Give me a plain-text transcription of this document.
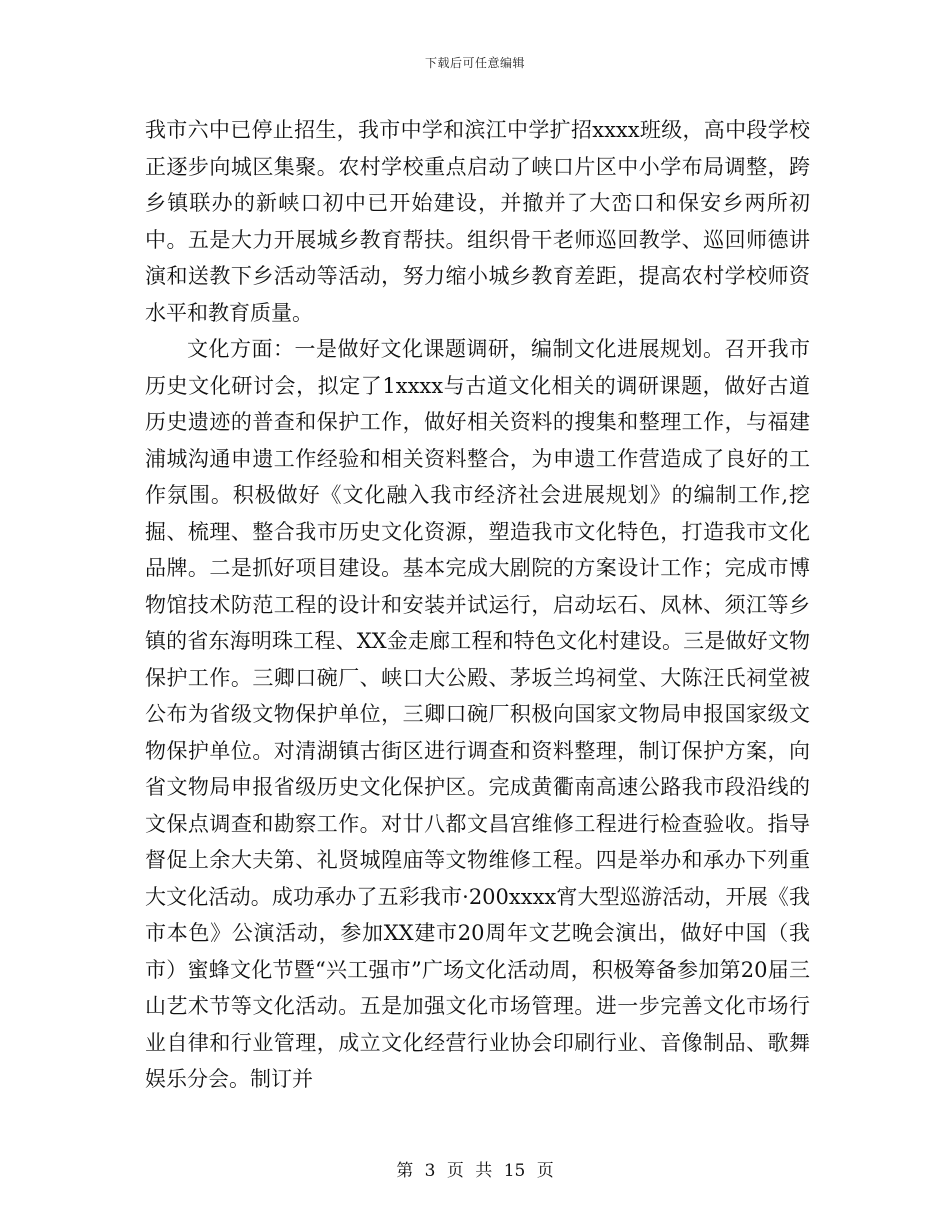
下载后可任意编辑

我市六中已停止招生，我市中学和滨江中学扩招xxxx班级，高中段学校正逐步向城区集聚。农村学校重点启动了峡口片区中小学布局调整，跨乡镇联办的新峡口初中已开始建设，并撤并了大峦口和保安乡两所初中。五是大力开展城乡教育帮扶。组织骨干老师巡回教学、巡回师德讲演和送教下乡活动等活动，努力缩小城乡教育差距，提高农村学校师资水平和教育质量。

文化方面：一是做好文化课题调研，编制文化进展规划。召开我市历史文化研讨会，拟定了1xxxx与古道文化相关的调研课题，做好古道历史遗迹的普查和保护工作，做好相关资料的搜集和整理工作，与福建浦城沟通申遗工作经验和相关资料整合，为申遗工作营造成了良好的工作氛围。积极做好《文化融入我市经济社会进展规划》的编制工作,挖掘、梳理、整合我市历史文化资源，塑造我市文化特色，打造我市文化品牌。二是抓好项目建设。基本完成大剧院的方案设计工作；完成市博物馆技术防范工程的设计和安装并试运行，启动坛石、凤林、须江等乡镇的省东海明珠工程、XX金走廊工程和特色文化村建设。三是做好文物保护工作。三卿口碗厂、峡口大公殿、茅坂兰坞祠堂、大陈汪氏祠堂被公布为省级文物保护单位，三卿口碗厂积极向国家文物局申报国家级文物保护单位。对清湖镇古街区进行调查和资料整理，制订保护方案，向省文物局申报省级历史文化保护区。完成黄衢南高速公路我市段沿线的文保点调查和勘察工作。对廿八都文昌宫维修工程进行检查验收。指导督促上余大夫第、礼贤城隍庙等文物维修工程。四是举办和承办下列重大文化活动。成功承办了五彩我市·200xxxx宵大型巡游活动，开展《我市本色》公演活动，参加XX建市20周年文艺晚会演出，做好中国（我市）蜜蜂文化节暨“兴工强市”广场文化活动周，积极筹备参加第20届三山艺术节等文化活动。五是加强文化市场管理。进一步完善文化市场行业自律和行业管理，成立文化经营行业协会印刷行业、音像制品、歌舞娱乐分会。制订并

第 3 页 共 15 页
